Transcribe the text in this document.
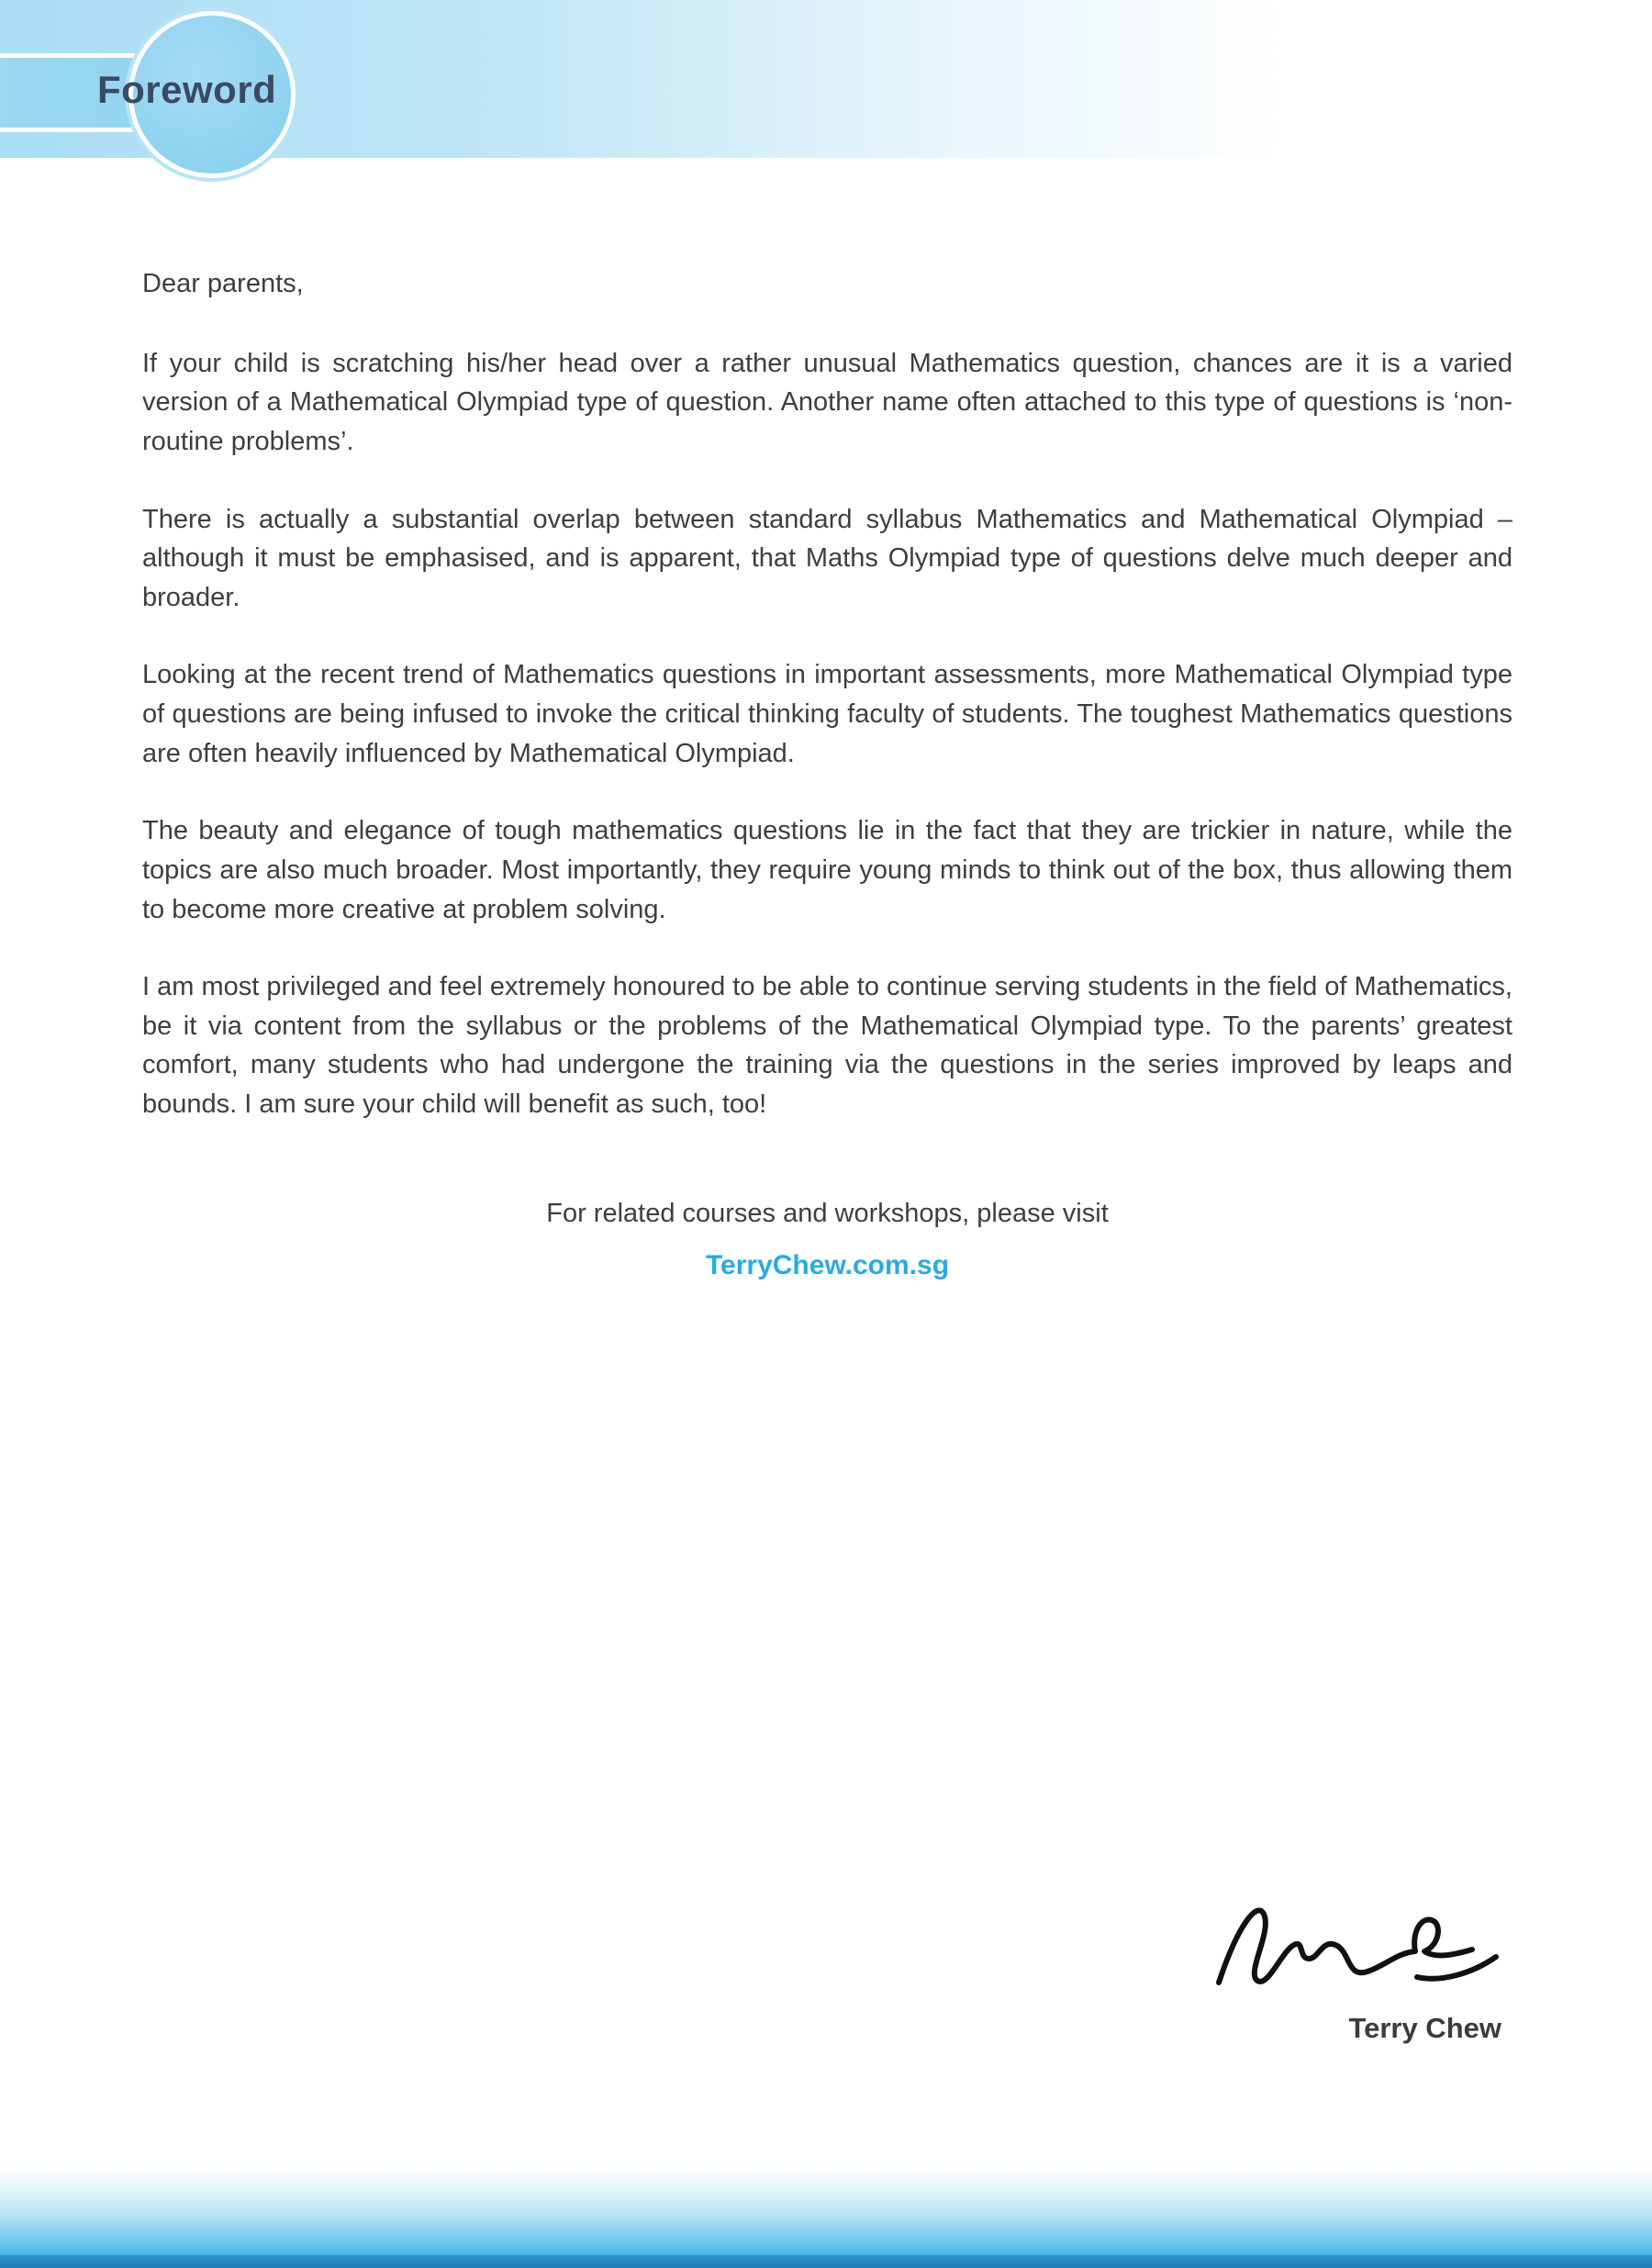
Foreword

Dear parents,

If your child is scratching his/her head over a rather unusual Mathematics question, chances are it is a varied version of a Mathematical Olympiad type of question. Another name often attached to this type of questions is ‘non-routine problems’.

There is actually a substantial overlap between standard syllabus Mathematics and Mathematical Olympiad – although it must be emphasised, and is apparent, that Maths Olympiad type of questions delve much deeper and broader.

Looking at the recent trend of Mathematics questions in important assessments, more Mathematical Olympiad type of questions are being infused to invoke the critical thinking faculty of students. The toughest Mathematics questions are often heavily influenced by Mathematical Olympiad.

The beauty and elegance of tough mathematics questions lie in the fact that they are trickier in nature, while the topics are also much broader. Most importantly, they require young minds to think out of the box, thus allowing them to become more creative at problem solving.

I am most privileged and feel extremely honoured to be able to continue serving students in the field of Mathematics, be it via content from the syllabus or the problems of the Mathematical Olympiad type. To the parents’ greatest comfort, many students who had undergone the training via the questions in the series improved by leaps and bounds. I am sure your child will benefit as such, too!

For related courses and workshops, please visit

TerryChew.com.sg
Terry Chew
